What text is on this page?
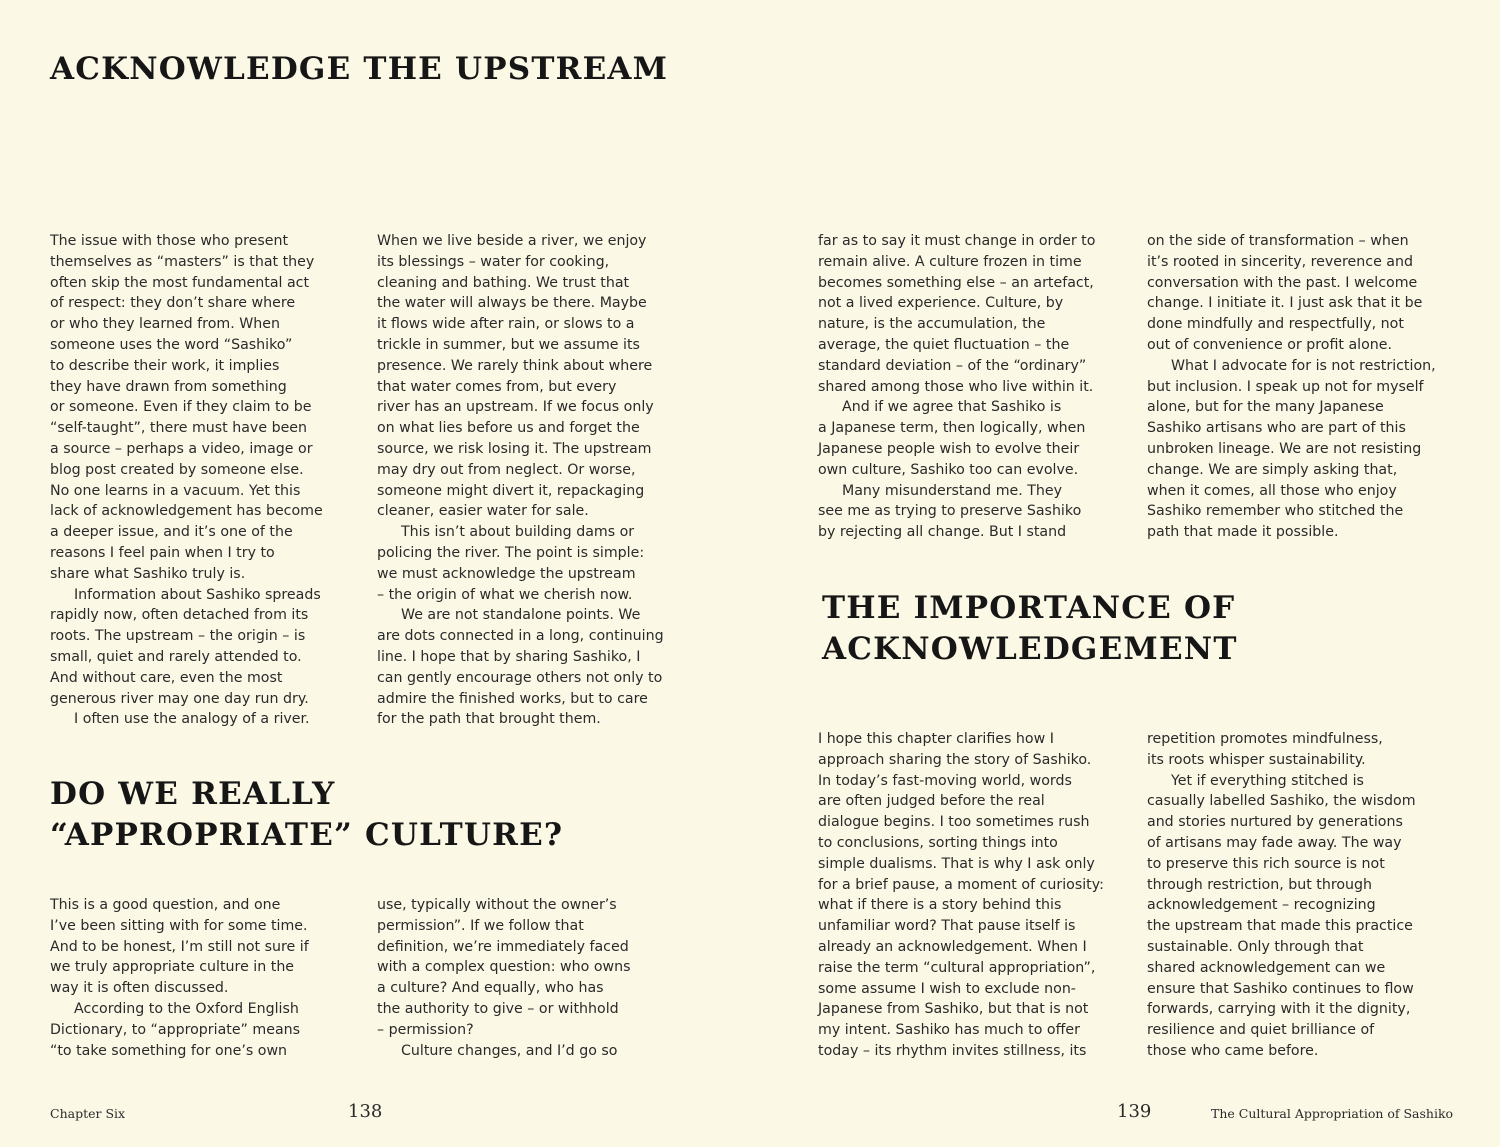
ACKNOWLEDGE THE UPSTREAM
The issue with those who present
themselves as “masters” is that they
often skip the most fundamental act
of respect: they don’t share where
or who they learned from. When
someone uses the word “Sashiko”
to describe their work, it implies
they have drawn from something
or someone. Even if they claim to be
“self-taught”, there must have been
a source – perhaps a video, image or
blog post created by someone else.
No one learns in a vacuum. Yet this
lack of acknowledgement has become
a deeper issue, and it’s one of the
reasons I feel pain when I try to
share what Sashiko truly is.
Information about Sashiko spreads
rapidly now, often detached from its
roots. The upstream – the origin – is
small, quiet and rarely attended to.
And without care, even the most
generous river may one day run dry.
I often use the analogy of a river.
When we live beside a river, we enjoy
its blessings – water for cooking,
cleaning and bathing. We trust that
the water will always be there. Maybe
it flows wide after rain, or slows to a
trickle in summer, but we assume its
presence. We rarely think about where
that water comes from, but every
river has an upstream. If we focus only
on what lies before us and forget the
source, we risk losing it. The upstream
may dry out from neglect. Or worse,
someone might divert it, repackaging
cleaner, easier water for sale.
This isn’t about building dams or
policing the river. The point is simple:
we must acknowledge the upstream
– the origin of what we cherish now.
We are not standalone points. We
are dots connected in a long, continuing
line. I hope that by sharing Sashiko, I
can gently encourage others not only to
admire the finished works, but to care
for the path that brought them.
DO WE REALLY
“APPROPRIATE” CULTURE?
This is a good question, and one
I’ve been sitting with for some time.
And to be honest, I’m still not sure if
we truly appropriate culture in the
way it is often discussed.
According to the Oxford English
Dictionary, to “appropriate” means
“to take something for one’s own
use, typically without the owner’s
permission”. If we follow that
definition, we’re immediately faced
with a complex question: who owns
a culture? And equally, who has
the authority to give – or withhold
– permission?
Culture changes, and I’d go so
Chapter Six	138
far as to say it must change in order to
remain alive. A culture frozen in time
becomes something else – an artefact,
not a lived experience. Culture, by
nature, is the accumulation, the
average, the quiet fluctuation – the
standard deviation – of the “ordinary”
shared among those who live within it.
And if we agree that Sashiko is
a Japanese term, then logically, when
Japanese people wish to evolve their
own culture, Sashiko too can evolve.
Many misunderstand me. They
see me as trying to preserve Sashiko
by rejecting all change. But I stand
on the side of transformation – when
it’s rooted in sincerity, reverence and
conversation with the past. I welcome
change. I initiate it. I just ask that it be
done mindfully and respectfully, not
out of convenience or profit alone.
What I advocate for is not restriction,
but inclusion. I speak up not for myself
alone, but for the many Japanese
Sashiko artisans who are part of this
unbroken lineage. We are not resisting
change. We are simply asking that,
when it comes, all those who enjoy
Sashiko remember who stitched the
path that made it possible.
THE IMPORTANCE OF
ACKNOWLEDGEMENT
I hope this chapter clarifies how I
approach sharing the story of Sashiko.
In today’s fast-moving world, words
are often judged before the real
dialogue begins. I too sometimes rush
to conclusions, sorting things into
simple dualisms. That is why I ask only
for a brief pause, a moment of curiosity:
what if there is a story behind this
unfamiliar word? That pause itself is
already an acknowledgement. When I
raise the term “cultural appropriation”,
some assume I wish to exclude non-
Japanese from Sashiko, but that is not
my intent. Sashiko has much to offer
today – its rhythm invites stillness, its
repetition promotes mindfulness,
its roots whisper sustainability.
Yet if everything stitched is
casually labelled Sashiko, the wisdom
and stories nurtured by generations
of artisans may fade away. The way
to preserve this rich source is not
through restriction, but through
acknowledgement – recognizing
the upstream that made this practice
sustainable. Only through that
shared acknowledgement can we
ensure that Sashiko continues to flow
forwards, carrying with it the dignity,
resilience and quiet brilliance of
those who came before.
139	The Cultural Appropriation of Sashiko
